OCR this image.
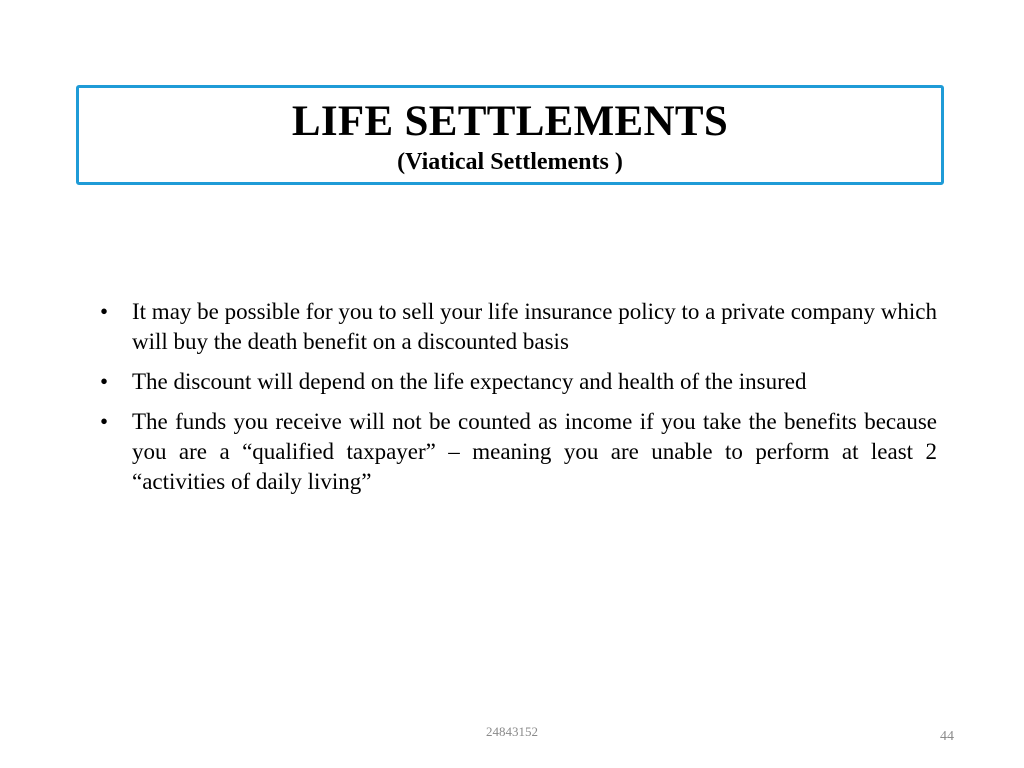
LIFE SETTLEMENTS
(Viatical Settlements )
• It may be possible for you to sell your life insurance policy to a private company which will buy the death benefit on a discounted basis
• The discount will depend on the life expectancy and health of the insured
• The funds you receive will not be counted as income if you take the benefits because you are a “qualified taxpayer” – meaning you are unable to perform at least 2 “activities of daily living”
24843152	44
